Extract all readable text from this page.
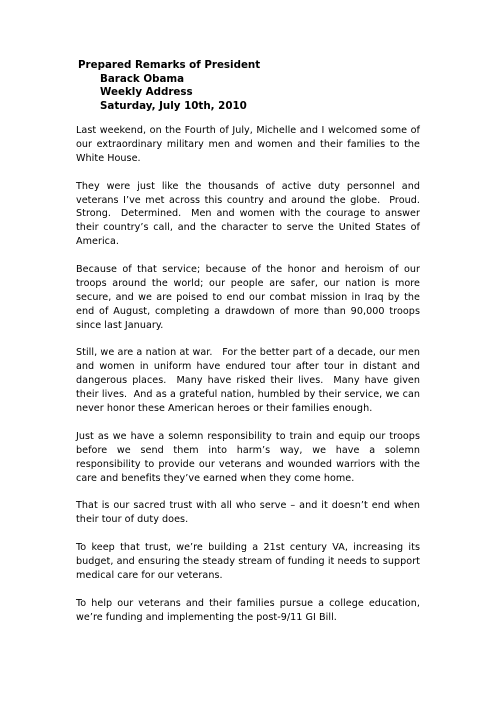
Prepared Remarks of President
Barack Obama
Weekly Address
Saturday, July 10th, 2010

Last weekend, on the Fourth of July, Michelle and I welcomed some of our extraordinary military men and women and their families to the White House.

They were just like the thousands of active duty personnel and veterans I’ve met across this country and around the globe.  Proud.  Strong.  Determined.  Men and women with the courage to answer their country’s call, and the character to serve the United States of America.

Because of that service; because of the honor and heroism of our troops around the world; our people are safer, our nation is more secure, and we are poised to end our combat mission in Iraq by the end of August, completing a drawdown of more than 90,000 troops since last January.

Still, we are a nation at war.   For the better part of a decade, our men and women in uniform have endured tour after tour in distant and dangerous places.  Many have risked their lives.  Many have given their lives.  And as a grateful nation, humbled by their service, we can never honor these American heroes or their families enough.

Just as we have a solemn responsibility to train and equip our troops before we send them into harm’s way, we have a solemn responsibility to provide our veterans and wounded warriors with the care and benefits they’ve earned when they come home.

That is our sacred trust with all who serve – and it doesn’t end when their tour of duty does.

To keep that trust, we’re building a 21st century VA, increasing its budget, and ensuring the steady stream of funding it needs to support medical care for our veterans.

To help our veterans and their families pursue a college education, we’re funding and implementing the post-9/11 GI Bill.
